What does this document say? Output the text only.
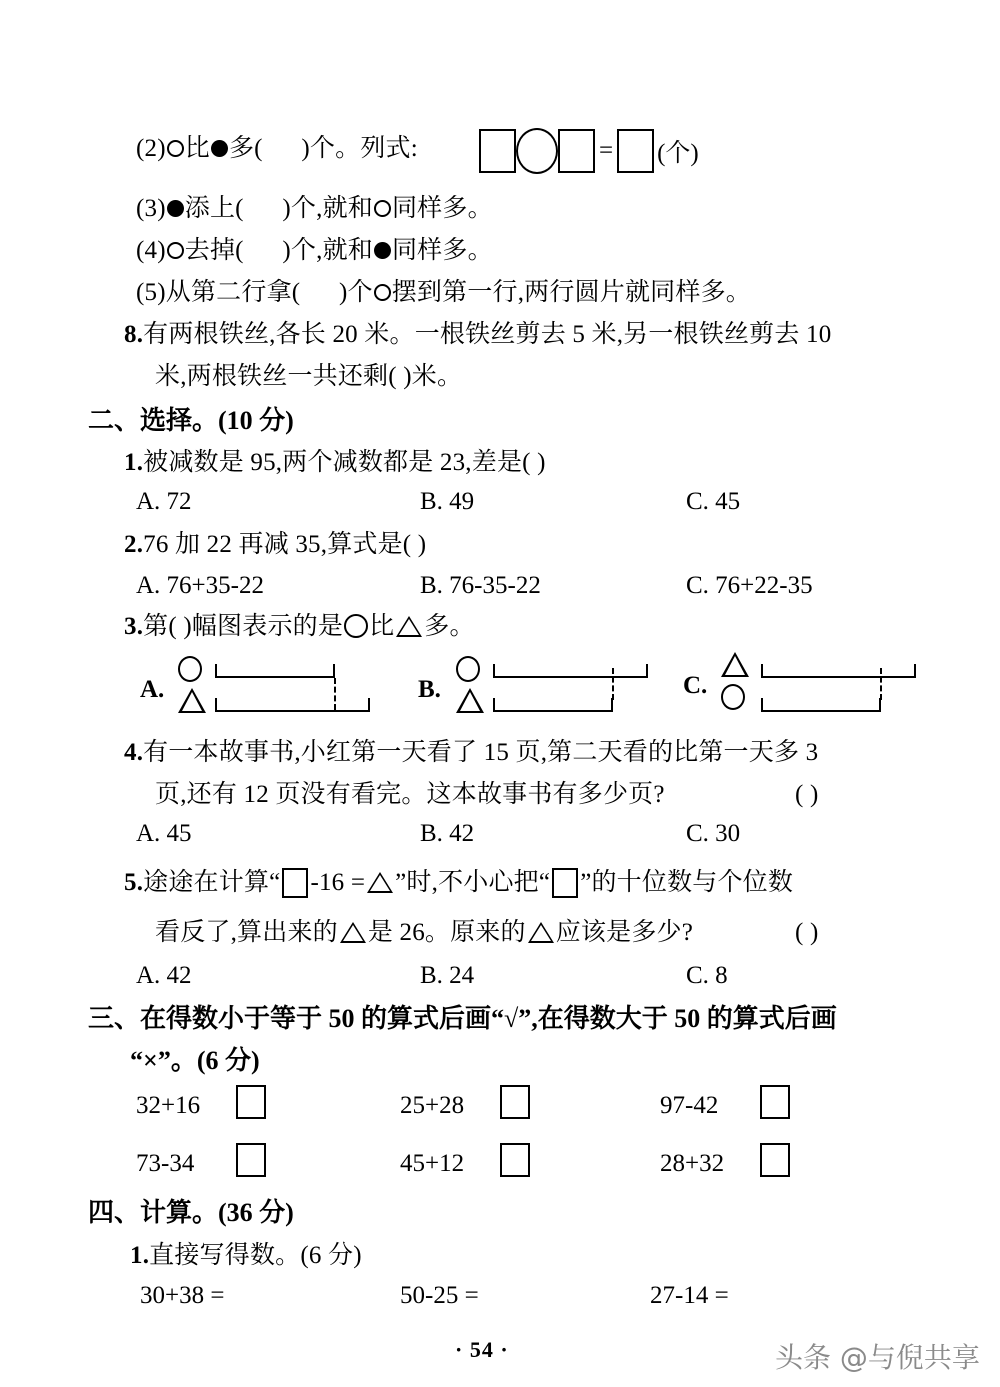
(2) 比 多( )个。列式:	= (个)
(3) 添上( )个,就和 同样多。
(4) 去掉( )个,就和 同样多。
(5)从第二行拿( )个 摆到第一行,两行圆片就同样多。
8.有两根铁丝,各长 20 米。一根铁丝剪去 5 米,另一根铁丝剪去 10
米,两根铁丝一共还剩( )米。
二、选择。(10 分)
1.被减数是 95,两个减数都是 23,差是( )
A. 72	B. 49	C. 45
2.76 加 22 再减 35,算式是( )
A. 76+35-22	B. 76-35-22	C. 76+22-35
3.第( )幅图表示的是 比 多。
A.	B.	C.
4.有一本故事书,小红第一天看了 15 页,第二天看的比第一天多 3
页,还有 12 页没有看完。这本故事书有多少页?	( )
A. 45	B. 42	C. 30
5.途途在计算“ -16 = ”时,不小心把“ ”的十位数与个位数
看反了,算出来的 是 26。原来的 应该是多少?	( )
A. 42	B. 24	C. 8
三、在得数小于等于 50 的算式后画“√”,在得数大于 50 的算式后画
“×”。(6 分)
32+16	25+28	97-42
73-34	45+12	28+32
四、计算。(36 分)
1.直接写得数。(6 分)
30+38 =	50-25 =	27-14 =
· 54 ·	头条 @与倪共享
